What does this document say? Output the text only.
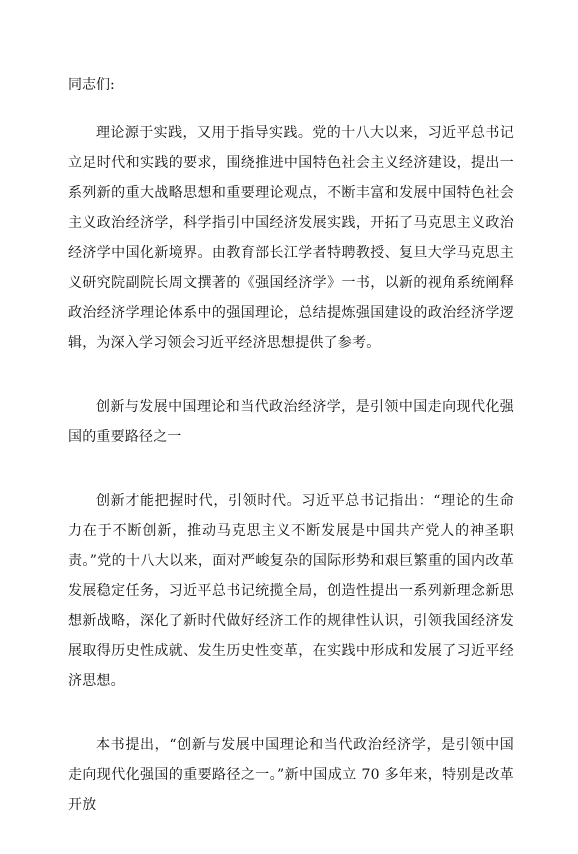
同志们:

理论源于实践，又用于指导实践。党的十八大以来，习近平总书记立足时代和实践的要求，围绕推进中国特色社会主义经济建设，提出一系列新的重大战略思想和重要理论观点，不断丰富和发展中国特色社会主义政治经济学，科学指引中国经济发展实践，开拓了马克思主义政治经济学中国化新境界。由教育部长江学者特聘教授、复旦大学马克思主义研究院副院长周文撰著的《强国经济学》一书，以新的视角系统阐释政治经济学理论体系中的强国理论，总结提炼强国建设的政治经济学逻辑，为深入学习领会习近平经济思想提供了参考。

创新与发展中国理论和当代政治经济学，是引领中国走向现代化强国的重要路径之一

创新才能把握时代，引领时代。习近平总书记指出：“理论的生命力在于不断创新，推动马克思主义不断发展是中国共产党人的神圣职责。”党的十八大以来，面对严峻复杂的国际形势和艰巨繁重的国内改革发展稳定任务，习近平总书记统揽全局，创造性提出一系列新理念新思想新战略，深化了新时代做好经济工作的规律性认识，引领我国经济发展取得历史性成就、发生历史性变革，在实践中形成和发展了习近平经济思想。

本书提出，“创新与发展中国理论和当代政治经济学，是引领中国走向现代化强国的重要路径之一。”新中国成立 70 多年来，特别是改革开放
